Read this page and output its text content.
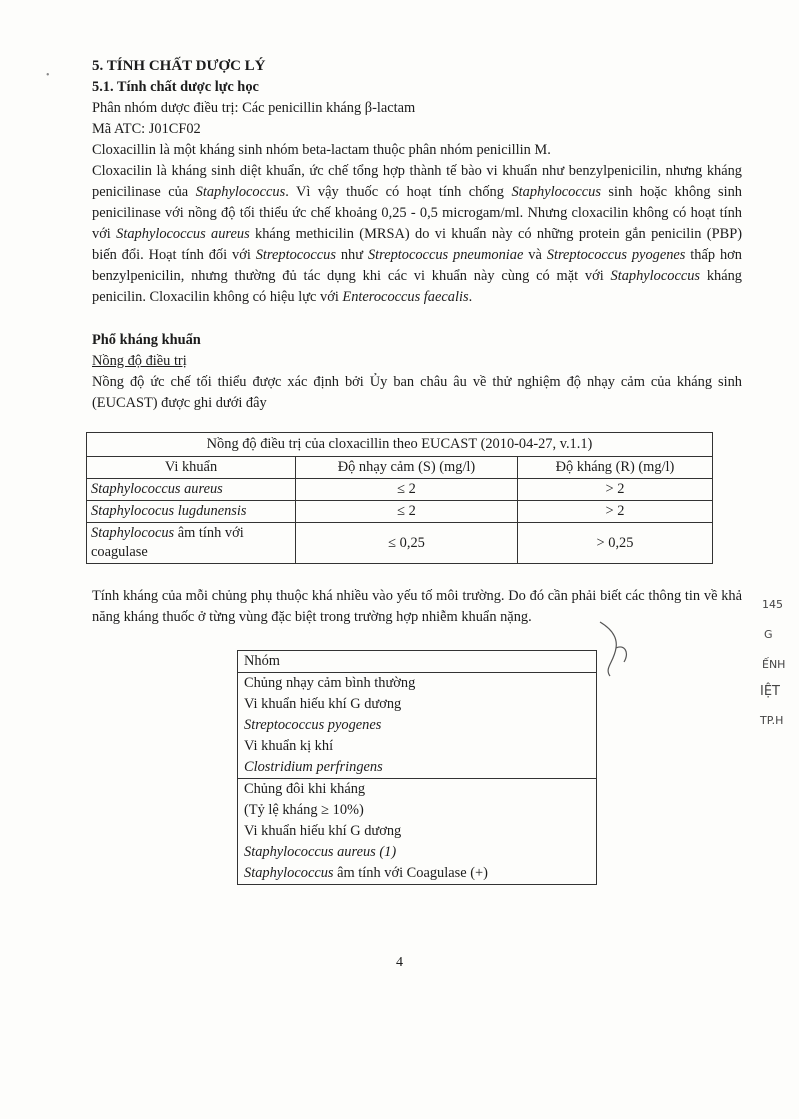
•

5. TÍNH CHẤT DƯỢC LÝ

5.1. Tính chất dược lực học

Phân nhóm dược điều trị: Các penicillin kháng β-lactam

Mã ATC: J01CF02

Cloxacillin là một kháng sinh nhóm beta-lactam thuộc phân nhóm penicillin M.

Cloxacilin là kháng sinh diệt khuẩn, ức chế tổng hợp thành tế bào vi khuẩn như benzylpenicilin, nhưng kháng penicilinase của Staphylococcus. Vì vậy thuốc có hoạt tính chống Staphylococcus sinh hoặc không sinh penicilinase với nồng độ tối thiểu ức chế khoảng 0,25 - 0,5 microgam/ml. Nhưng cloxacilin không có hoạt tính với Staphylococcus aureus kháng methicilin (MRSA) do vi khuẩn này có những protein gắn penicilin (PBP) biến đổi. Hoạt tính đối với Streptococcus như Streptococcus pneumoniae và Streptococcus pyogenes thấp hơn benzylpenicilin, nhưng thường đủ tác dụng khi các vi khuẩn này cùng có mặt với Staphylococcus kháng penicilin. Cloxacilin không có hiệu lực với Enterococcus faecalis.

Phổ kháng khuẩn

Nồng độ điều trị

Nồng độ ức chế tối thiểu được xác định bởi Ủy ban châu âu về thử nghiệm độ nhạy cảm của kháng sinh (EUCAST) được ghi dưới đây

Nồng độ điều trị của cloxacillin theo EUCAST (2010-04-27, v.1.1)		
Vi khuẩn	Độ nhạy cảm (S) (mg/l)	Độ kháng (R) (mg/l)
Staphylococcus aureus	≤ 2	> 2
Staphylococus lugdunensis	≤ 2	> 2
Staphylococus âm tính với coagulase	≤ 0,25	> 0,25

Tính kháng của mỗi chủng phụ thuộc khá nhiều vào yếu tố môi trường. Do đó cần phải biết các thông tin về khả năng kháng thuốc ở từng vùng đặc biệt trong trường hợp nhiễm khuẩn nặng.

Nhóm

Chủng nhạy cảm bình thường
Vi khuẩn hiếu khí G dương
Streptococcus pyogenes
Vi khuẩn kị khí
Clostridium perfringens

Chủng đôi khi kháng
(Tỷ lệ kháng ≥ 10%)
Vi khuẩn hiếu khí G dương
Staphylococcus aureus (1)
Staphylococcus âm tính với Coagulase (+)
4
145
G
ẾNH
IỆT
TP.H
